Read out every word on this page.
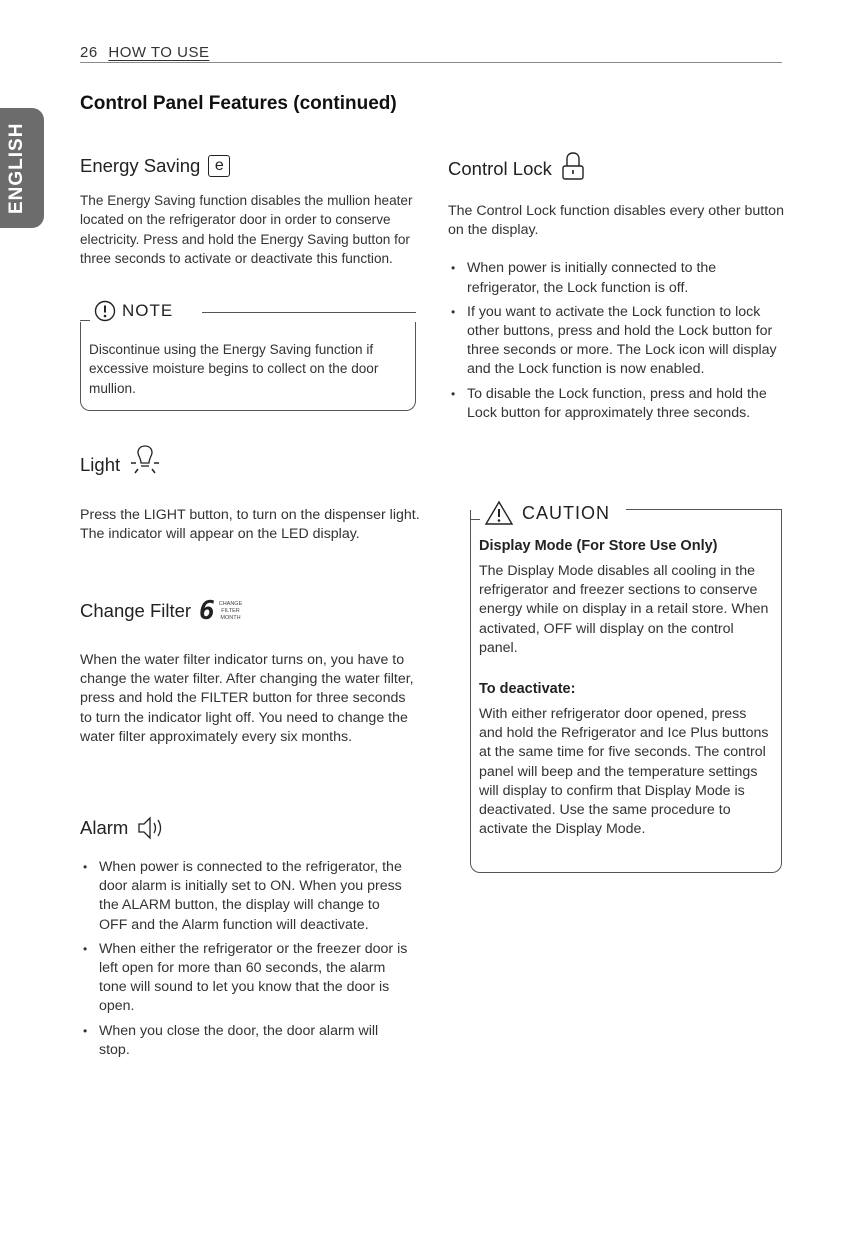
26 HOW TO USE
ENGLISH
Control Panel Features (continued)
Energy Saving e

The Energy Saving function disables the mullion heater located on the refrigerator door in order to conserve electricity. Press and hold the Energy Saving button for three seconds to activate or deactivate this function.

NOTE

Discontinue using the Energy Saving function if excessive moisture begins to collect on the door mullion.

Light

Press the LIGHT button, to turn on the dispenser light. The indicator will appear on the LED display.

Change Filter 6 CHANGE
FILTER
MONTH

When the water filter indicator turns on, you have to change the water filter. After changing the water filter, press and hold the FILTER button for three seconds to turn the indicator light off. You need to change the water filter approximately every six months.

Alarm
• When power is connected to the refrigerator, the door alarm is initially set to ON. When you press the ALARM button, the display will change to OFF and the Alarm function will deactivate.
• When either the refrigerator or the freezer door is left open for more than 60 seconds, the alarm tone will sound to let you know that the door is open.
• When you close the door, the door alarm will stop.
Control Lock

The Control Lock function disables every other button on the display.

• When power is initially connected to the refrigerator, the Lock function is off.
• If you want to activate the Lock function to lock other buttons, press and hold the Lock button for three seconds or more. The Lock icon will display and the Lock function is now enabled.
• To disable the Lock function, press and hold the Lock button for approximately three seconds.
CAUTION
Display Mode (For Store Use Only)

The Display Mode disables all cooling in the refrigerator and freezer sections to conserve energy while on display in a retail store. When activated, OFF will display on the control panel.

To deactivate:

With either refrigerator door opened, press and hold the Refrigerator and Ice Plus buttons at the same time for five seconds. The control panel will beep and the temperature settings will display to confirm that Display Mode is deactivated. Use the same procedure to activate the Display Mode.
